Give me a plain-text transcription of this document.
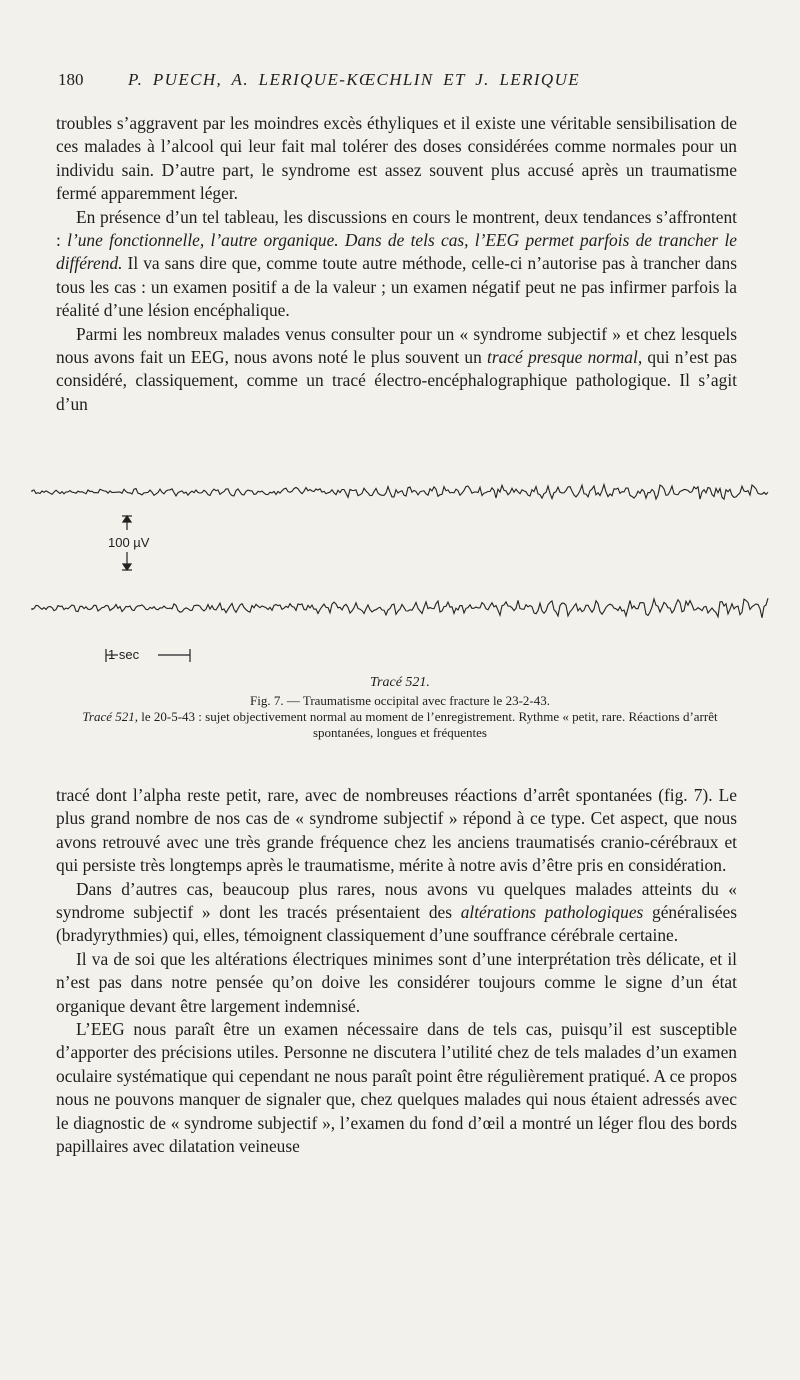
180	P. PUECH, A. LERIQUE-KŒCHLIN ET J. LERIQUE

troubles s’aggravent par les moindres excès éthyliques et il existe une véritable sensibilisation de ces malades à l’alcool qui leur fait mal tolérer des doses considérées comme normales pour un individu sain. D’autre part, le syndrome est assez souvent plus accusé après un traumatisme fermé apparemment léger.

En présence d’un tel tableau, les discussions en cours le montrent, deux tendances s’affrontent : l’une fonctionnelle, l’autre organique. Dans de tels cas, l’EEG permet parfois de trancher le différend. Il va sans dire que, comme toute autre méthode, celle-ci n’autorise pas à trancher dans tous les cas : un examen positif a de la valeur ; un examen négatif peut ne pas infirmer parfois la réalité d’une lésion encéphalique.

Parmi les nombreux malades venus consulter pour un « syndrome subjectif » et chez lesquels nous avons fait un EEG, nous avons noté le plus souvent un tracé presque normal, qui n’est pas considéré, classiquement, comme un tracé électro-encéphalographique pathologique. Il s’agit d’un

100 µV
1 sec
Tracé 521.
Fig. 7. — Traumatisme occipital avec fracture le 23-2-43.
Tracé 521, le 20-5-43 : sujet objectivement normal au moment de l’enregistrement. Rythme « petit, rare. Réactions d’arrêt spontanées, longues et fréquentes

tracé dont l’alpha reste petit, rare, avec de nombreuses réactions d’arrêt spontanées (fig. 7). Le plus grand nombre de nos cas de « syndrome subjectif » répond à ce type. Cet aspect, que nous avons retrouvé avec une très grande fréquence chez les anciens traumatisés cranio-cérébraux et qui persiste très longtemps après le traumatisme, mérite à notre avis d’être pris en considération.

Dans d’autres cas, beaucoup plus rares, nous avons vu quelques malades atteints du « syndrome subjectif » dont les tracés présentaient des altérations pathologiques généralisées (bradyrythmies) qui, elles, témoignent classiquement d’une souffrance cérébrale certaine.

Il va de soi que les altérations électriques minimes sont d’une interprétation très délicate, et il n’est pas dans notre pensée qu’on doive les considérer toujours comme le signe d’un état organique devant être largement indemnisé.

L’EEG nous paraît être un examen nécessaire dans de tels cas, puisqu’il est susceptible d’apporter des précisions utiles. Personne ne discutera l’utilité chez de tels malades d’un examen oculaire systématique qui cependant ne nous paraît point être régulièrement pratiqué. A ce propos nous ne pouvons manquer de signaler que, chez quelques malades qui nous étaient adressés avec le diagnostic de « syndrome subjectif », l’examen du fond d’œil a montré un léger flou des bords papillaires avec dilatation veineuse
